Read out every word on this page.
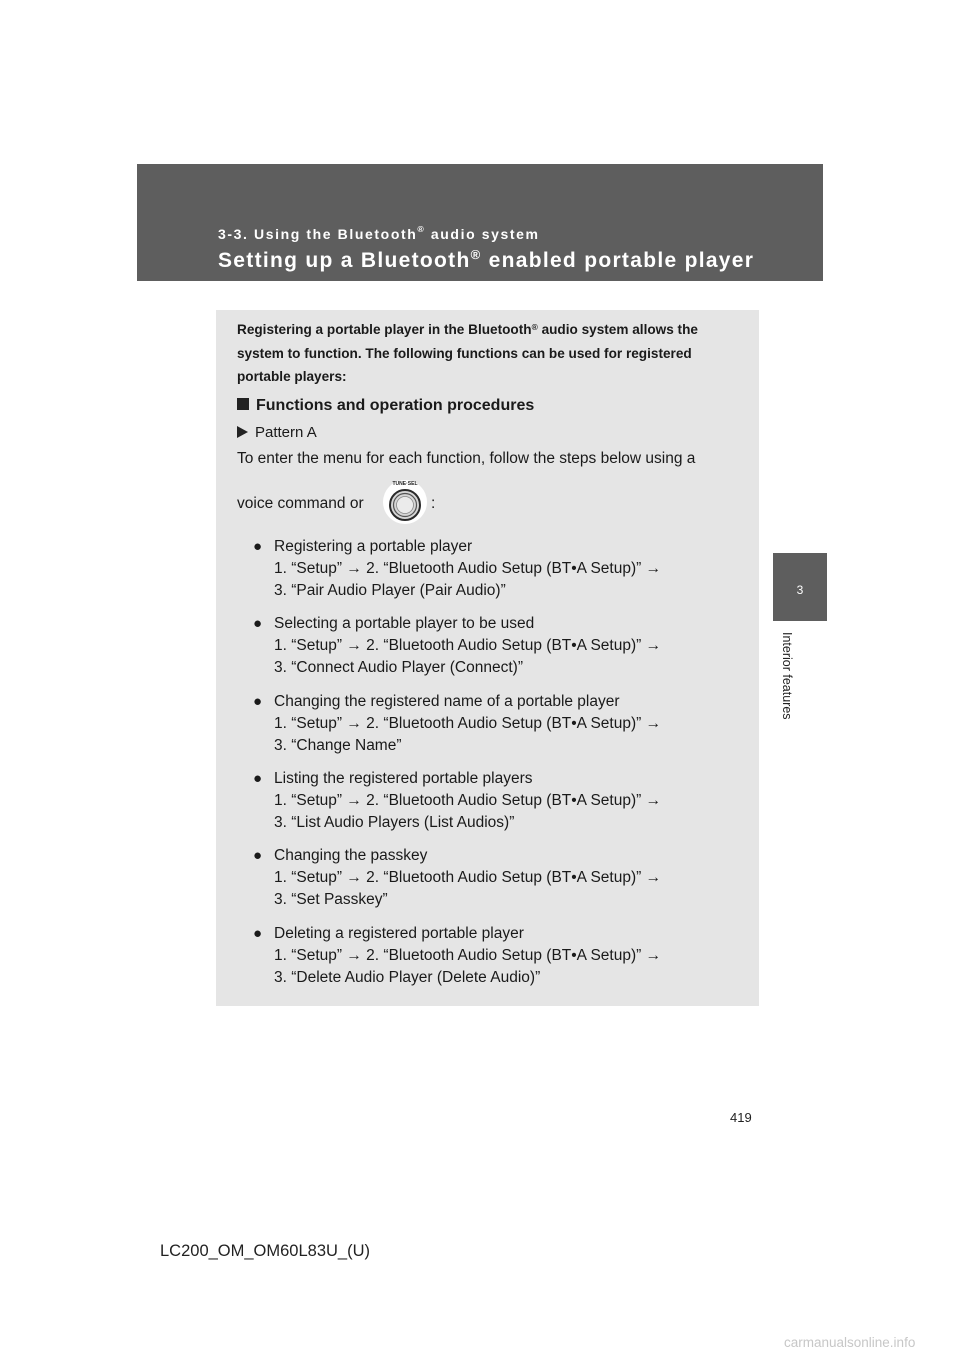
3-3. Using the Bluetooth® audio system
Setting up a Bluetooth® enabled portable player
3
Interior features
Registering a portable player in the Bluetooth® audio system allows the system to function. The following functions can be used for registered portable players:
Functions and operation procedures
Pattern A
To enter the menu for each function, follow the steps below using a
voice command or
TUNE·SEL
:
● Registering a portable player
1. “Setup” → 2. “Bluetooth Audio Setup (BT•A Setup)” →
3. “Pair Audio Player (Pair Audio)”
● Selecting a portable player to be used
1. “Setup” → 2. “Bluetooth Audio Setup (BT•A Setup)” →
3. “Connect Audio Player (Connect)”
● Changing the registered name of a portable player
1. “Setup” → 2. “Bluetooth Audio Setup (BT•A Setup)” →
3. “Change Name”
● Listing the registered portable players
1. “Setup” → 2. “Bluetooth Audio Setup (BT•A Setup)” →
3. “List Audio Players (List Audios)”
● Changing the passkey
1. “Setup” → 2. “Bluetooth Audio Setup (BT•A Setup)” →
3. “Set Passkey”
● Deleting a registered portable player
1. “Setup” → 2. “Bluetooth Audio Setup (BT•A Setup)” →
3. “Delete Audio Player (Delete Audio)”
419
LC200_OM_OM60L83U_(U)
carmanualsonline.info
